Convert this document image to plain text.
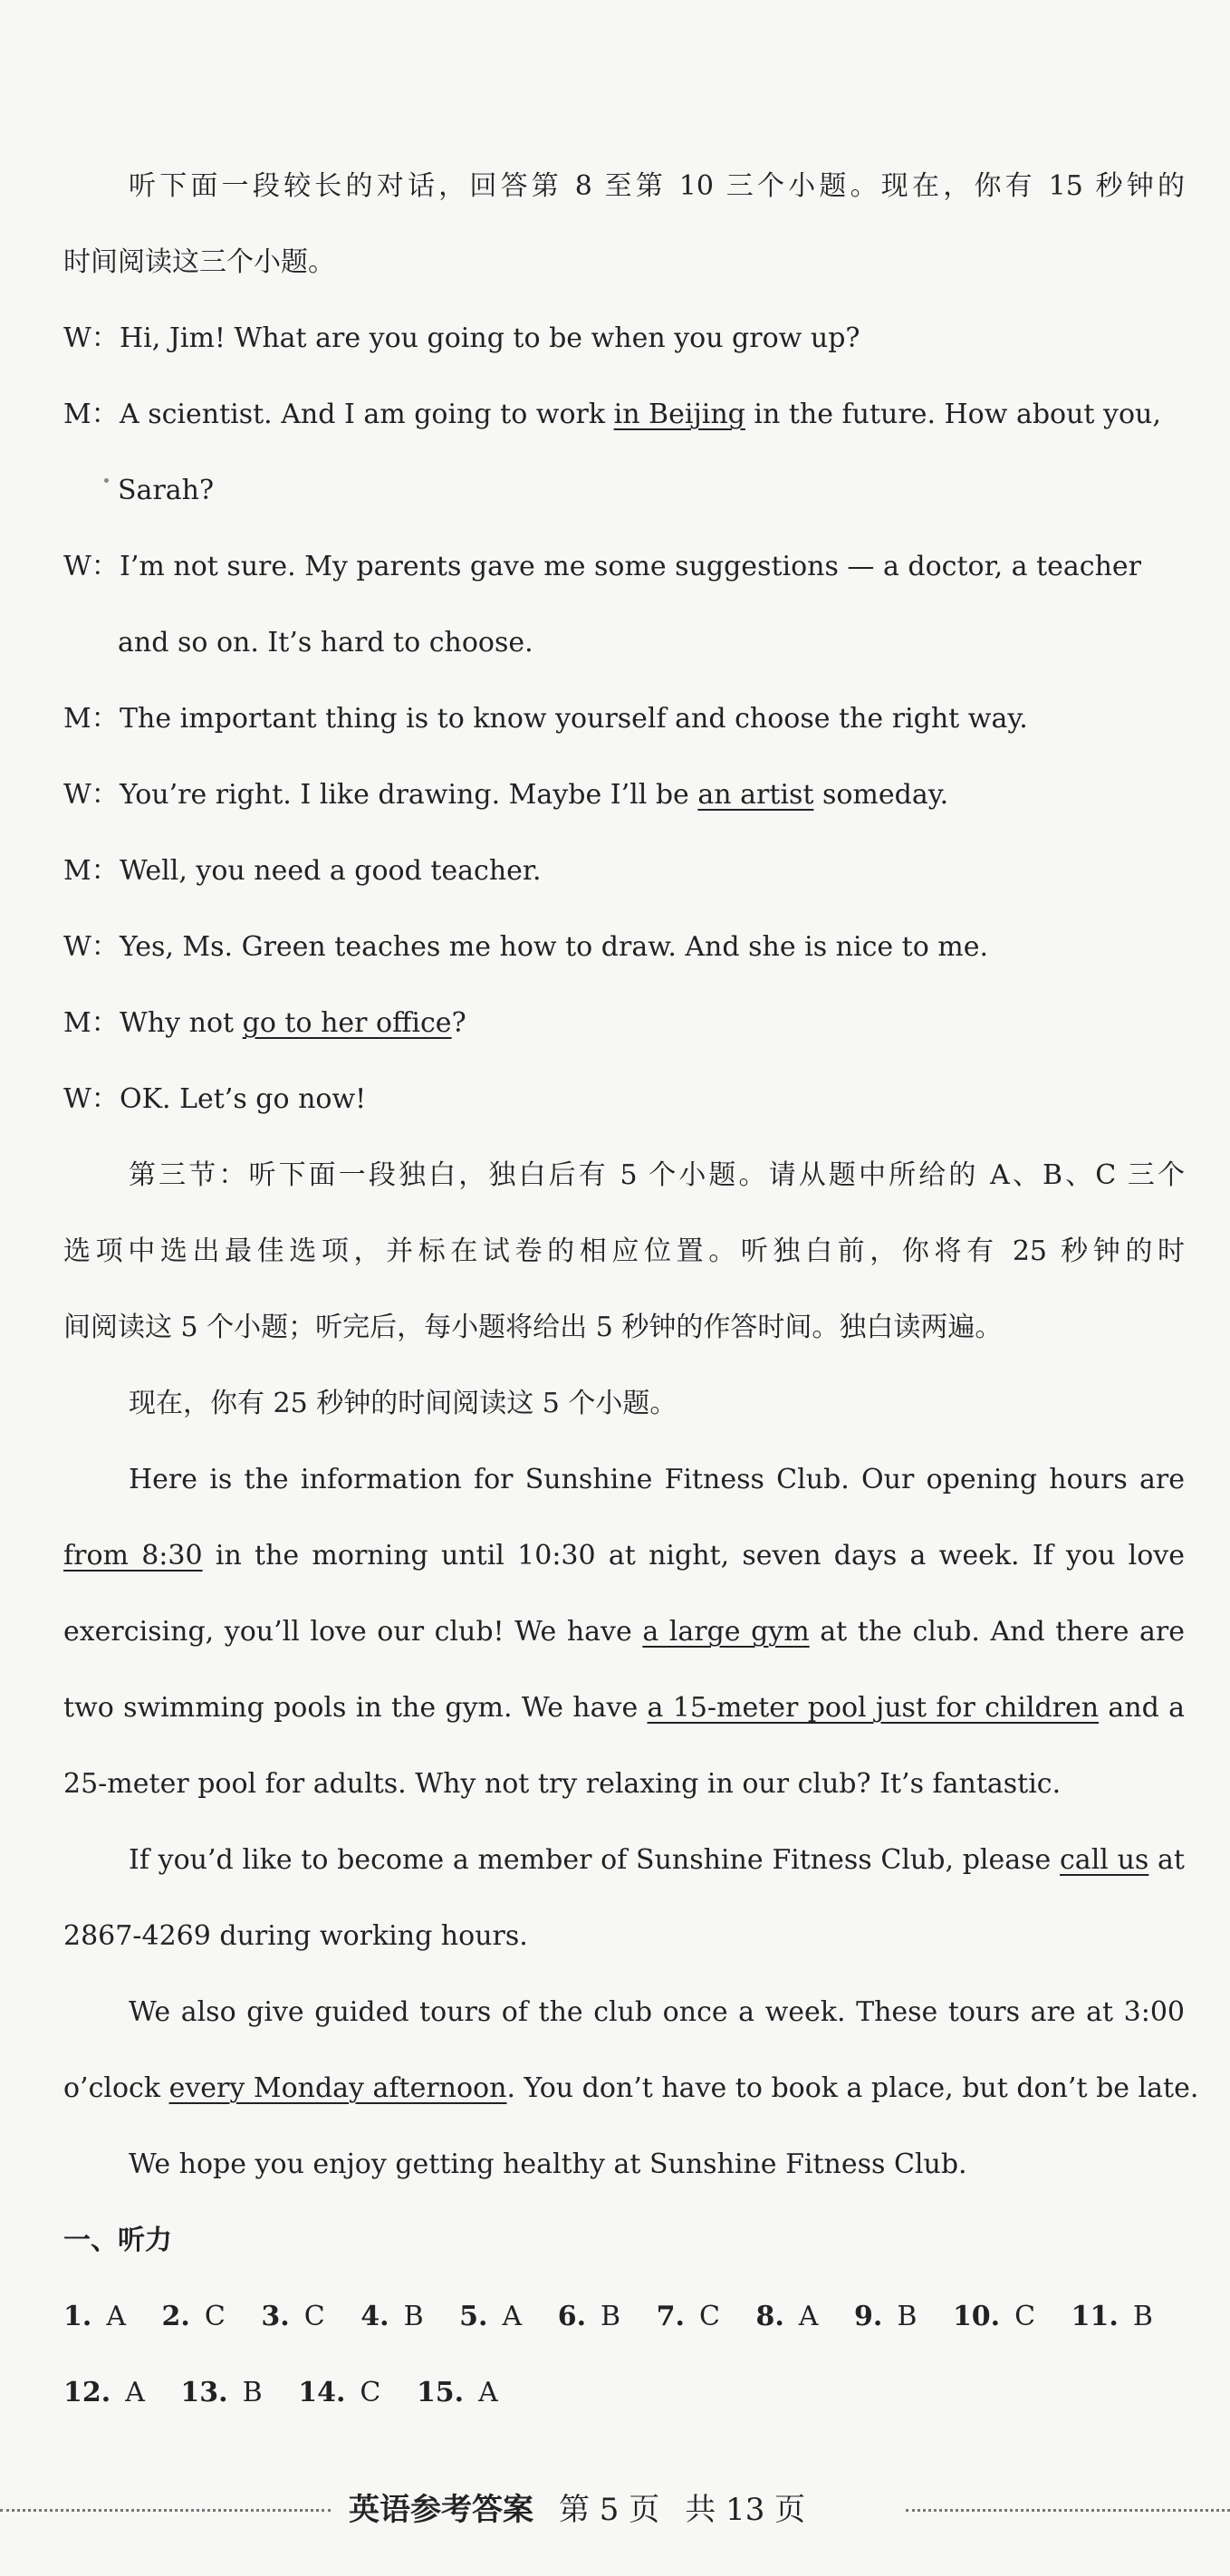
听下面一段较长的对话，回答第 8 至第 10 三个小题。现在，你有 15 秒钟的
时间阅读这三个小题。
W：Hi, Jim! What are you going to be when you grow up?
M：A scientist. And I am going to work in Beijing in the future. How about you,
Sarah?
W：I’m not sure. My parents gave me some suggestions — a doctor, a teacher
and so on. It’s hard to choose.
M：The important thing is to know yourself and choose the right way.
W：You’re right. I like drawing. Maybe I’ll be an artist someday.
M：Well, you need a good teacher.
W：Yes, Ms. Green teaches me how to draw. And she is nice to me.
M：Why not go to her office?
W：OK. Let’s go now!
第三节：听下面一段独白，独白后有 5 个小题。请从题中所给的 A、B、C 三个
选项中选出最佳选项，并标在试卷的相应位置。听独白前，你将有 25 秒钟的时
间阅读这 5 个小题；听完后，每小题将给出 5 秒钟的作答时间。独白读两遍。
现在，你有 25 秒钟的时间阅读这 5 个小题。
Here is the information for Sunshine Fitness Club. Our opening hours are
from 8:30 in the morning until 10:30 at night, seven days a week. If you love
exercising, you’ll love our club! We have a large gym at the club. And there are
two swimming pools in the gym. We have a 15-meter pool just for children and a
25-meter pool for adults. Why not try relaxing in our club? It’s fantastic.
If you’d like to become a member of Sunshine Fitness Club, please call us at
2867-4269 during working hours.
We also give guided tours of the club once a week. These tours are at 3:00
o’clock every Monday afternoon. You don’t have to book a place, but don’t be late.
We hope you enjoy getting healthy at Sunshine Fitness Club.
一、听力
1. A 2. C 3. C 4. B 5. A 6. B 7. C 8. A 9. B 10. C 11. B
12. A 13. B 14. C 15. A
英语参考答案 第 5 页 共 13 页
